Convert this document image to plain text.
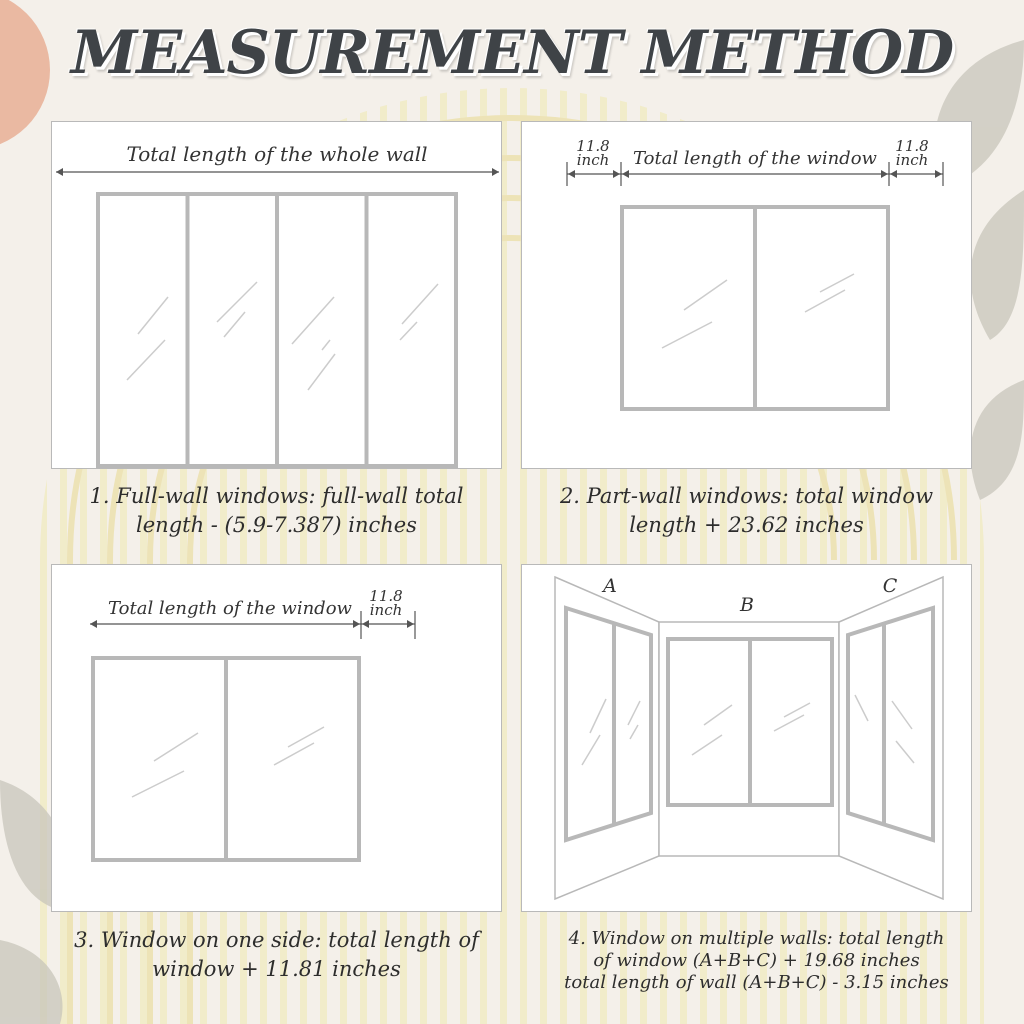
MEASUREMENT METHOD
Total length of the whole wall
1. Full-wall windows: full-wall total
length - (5.9-7.387) inches
11.8
inch Total length of the window
11.8
inch
2. Part-wall windows: total window
length + 23.62 inches
Total length of the window
11.8
inch
3. Window on one side: total length of
window + 11.81 inches
A
B
C
4. Window on multiple walls: total length
of window (A+B+C) + 19.68 inches
total length of wall (A+B+C) - 3.15 inches
